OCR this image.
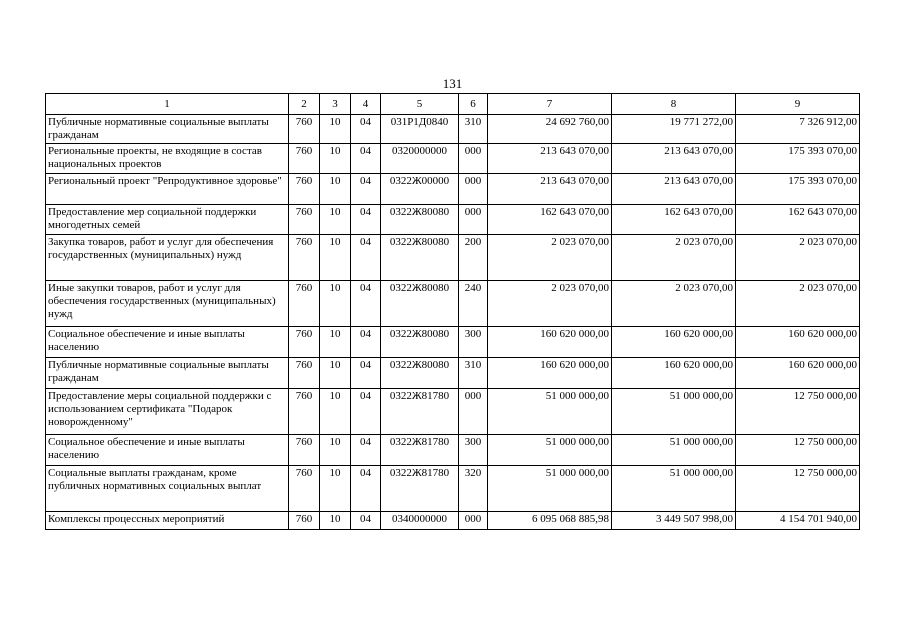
131
1	2	3	4	5	6	7	8	9
Публичные нормативные социальные выплаты гражданам	760	10	04	031Р1Д0840	310	24 692 760,00	19 771 272,00	7 326 912,00
Региональные проекты, не входящие в состав национальных проектов	760	10	04	0320000000	000	213 643 070,00	213 643 070,00	175 393 070,00
Региональный проект "Репродуктивное здоровье"	760	10	04	0322Ж00000	000	213 643 070,00	213 643 070,00	175 393 070,00
Предоставление мер социальной поддержки многодетных семей	760	10	04	0322Ж80080	000	162 643 070,00	162 643 070,00	162 643 070,00
Закупка товаров, работ и услуг для обеспечения государственных (муниципальных) нужд	760	10	04	0322Ж80080	200	2 023 070,00	2 023 070,00	2 023 070,00
Иные закупки товаров, работ и услуг для обеспечения государственных (муниципальных) нужд	760	10	04	0322Ж80080	240	2 023 070,00	2 023 070,00	2 023 070,00
Социальное обеспечение и иные выплаты населению	760	10	04	0322Ж80080	300	160 620 000,00	160 620 000,00	160 620 000,00
Публичные нормативные социальные выплаты гражданам	760	10	04	0322Ж80080	310	160 620 000,00	160 620 000,00	160 620 000,00
Предоставление меры социальной поддержки с использованием сертификата "Подарок новорожденному"	760	10	04	0322Ж81780	000	51 000 000,00	51 000 000,00	12 750 000,00
Социальное обеспечение и иные выплаты населению	760	10	04	0322Ж81780	300	51 000 000,00	51 000 000,00	12 750 000,00
Социальные выплаты гражданам, кроме публичных нормативных социальных выплат	760	10	04	0322Ж81780	320	51 000 000,00	51 000 000,00	12 750 000,00
Комплексы процессных мероприятий	760	10	04	0340000000	000	6 095 068 885,98	3 449 507 998,00	4 154 701 940,00
